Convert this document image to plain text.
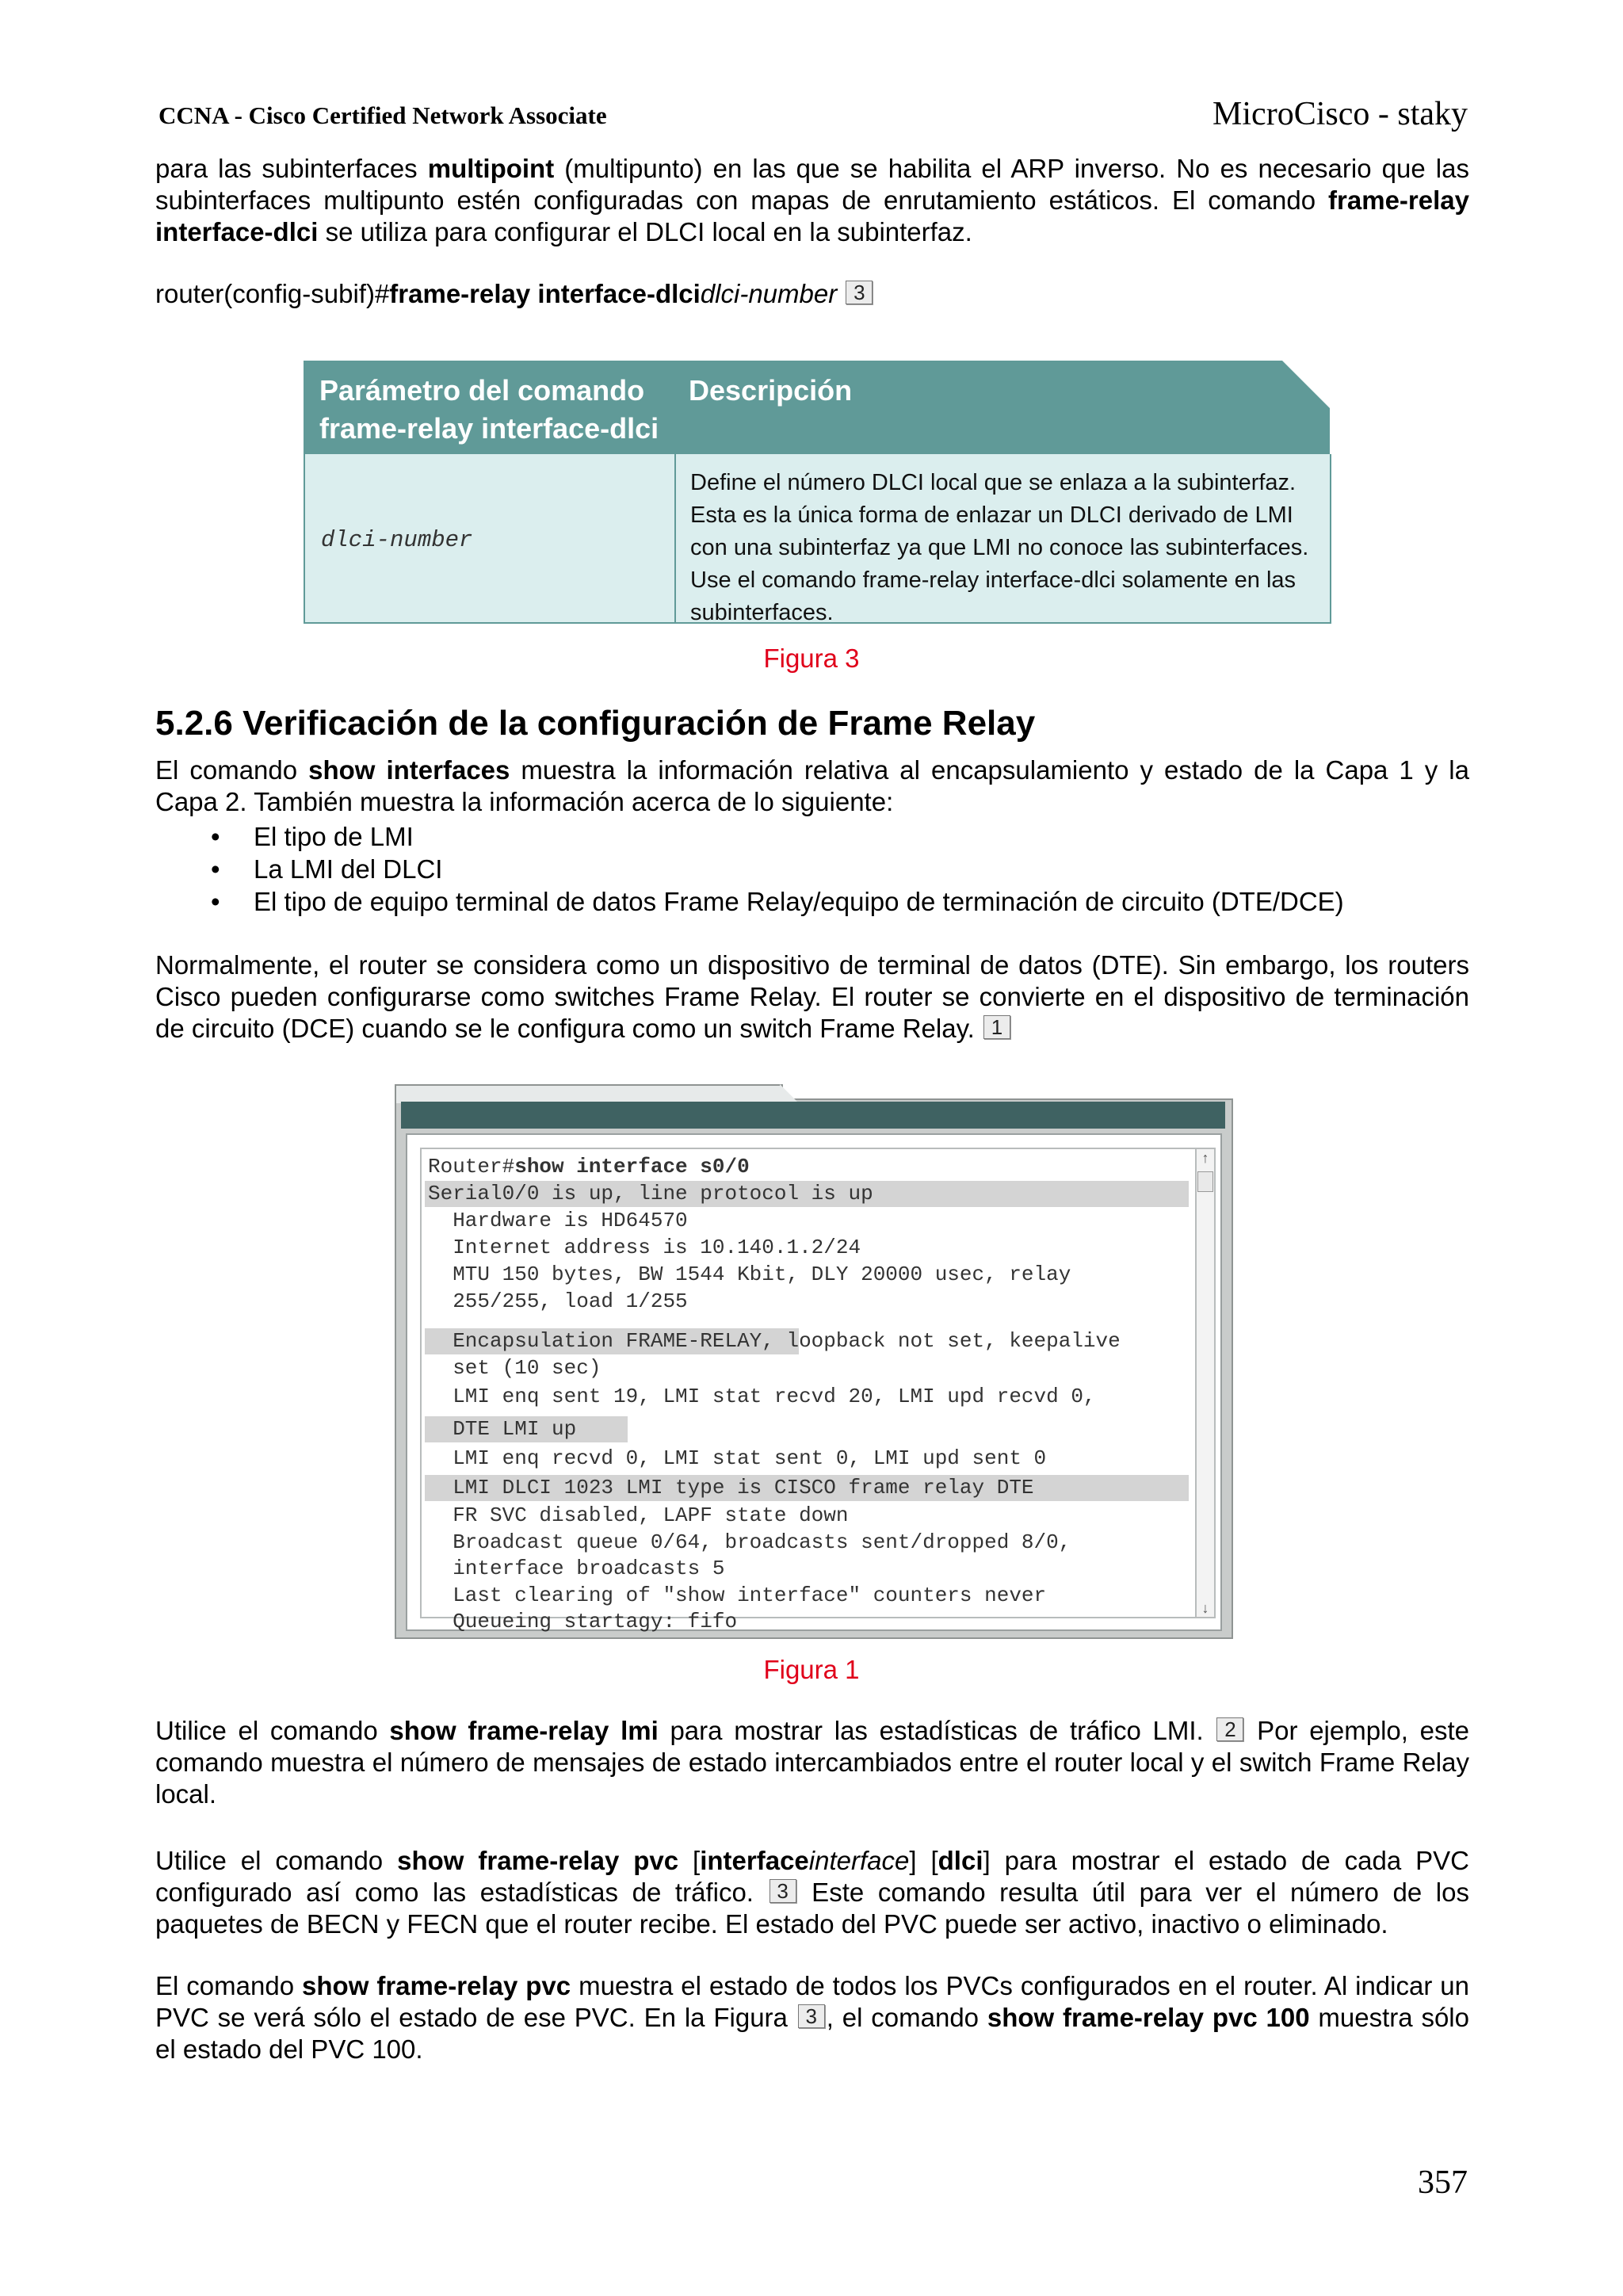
CCNA - Cisco Certified Network Associate	MicroCisco - staky

para las subinterfaces multipoint (multipunto) en las que se habilita el ARP inverso. No es necesario que las subinterfaces multipunto estén configuradas con mapas de enrutamiento estáticos. El comando frame-relay interface-dlci se utiliza para configurar el DLCI local en la subinterfaz.

router(config-subif)#frame-relay interface-dlcidlci-number 3
Parámetro del comando frame-relay interface-dlci
Descripción
dlci-number
Define el número DLCI local que se enlaza a la subinterfaz. Esta es la única forma de enlazar un DLCI derivado de LMI con una subinterfaz ya que LMI no conoce las subinterfaces. Use el comando frame-relay interface-dlci solamente en las subinterfaces.
Figura 3
5.2.6 Verificación de la configuración de Frame Relay

El comando show interfaces muestra la información relativa al encapsulamiento y estado de la Capa 1 y la Capa 2. También muestra la información acerca de lo siguiente:

• El tipo de LMI
• La LMI del DLCI
• El tipo de equipo terminal de datos Frame Relay/equipo de terminación de circuito (DTE/DCE)

Normalmente, el router se considera como un dispositivo de terminal de datos (DTE). Sin embargo, los routers Cisco pueden configurarse como switches Frame Relay. El router se convierte en el dispositivo de terminación de circuito (DCE) cuando se le configura como un switch Frame Relay. 1

Router#show interface s0/0
Serial0/0 is up, line protocol is up
Hardware is HD64570
Internet address is 10.140.1.2/24
MTU 150 bytes, BW 1544 Kbit, DLY 20000 usec, relay
255/255, load 1/255
Encapsulation FRAME-RELAY, loopback not set, keepalive
set (10 sec)
LMI enq sent 19, LMI stat recvd 20, LMI upd recvd 0,
DTE LMI up
LMI enq recvd 0, LMI stat sent 0, LMI upd sent 0
LMI DLCI 1023 LMI type is CISCO frame relay DTE
FR SVC disabled, LAPF state down
Broadcast queue 0/64, broadcasts sent/dropped 8/0,
interface broadcasts 5
Last clearing of "show interface" counters never
Queueing startagy: fifo
↑
↓
Figura 1

Utilice el comando show frame-relay lmi para mostrar las estadísticas de tráfico LMI. 2 Por ejemplo, este comando muestra el número de mensajes de estado intercambiados entre el router local y el switch Frame Relay local.

Utilice el comando show frame-relay pvc [interfaceinterface] [dlci] para mostrar el estado de cada PVC configurado así como las estadísticas de tráfico. 3 Este comando resulta útil para ver el número de los paquetes de BECN y FECN que el router recibe. El estado del PVC puede ser activo, inactivo o eliminado.

El comando show frame-relay pvc muestra el estado de todos los PVCs configurados en el router. Al indicar un PVC se verá sólo el estado de ese PVC. En la Figura 3 , el comando show frame-relay pvc 100 muestra sólo el estado del PVC 100.

357
